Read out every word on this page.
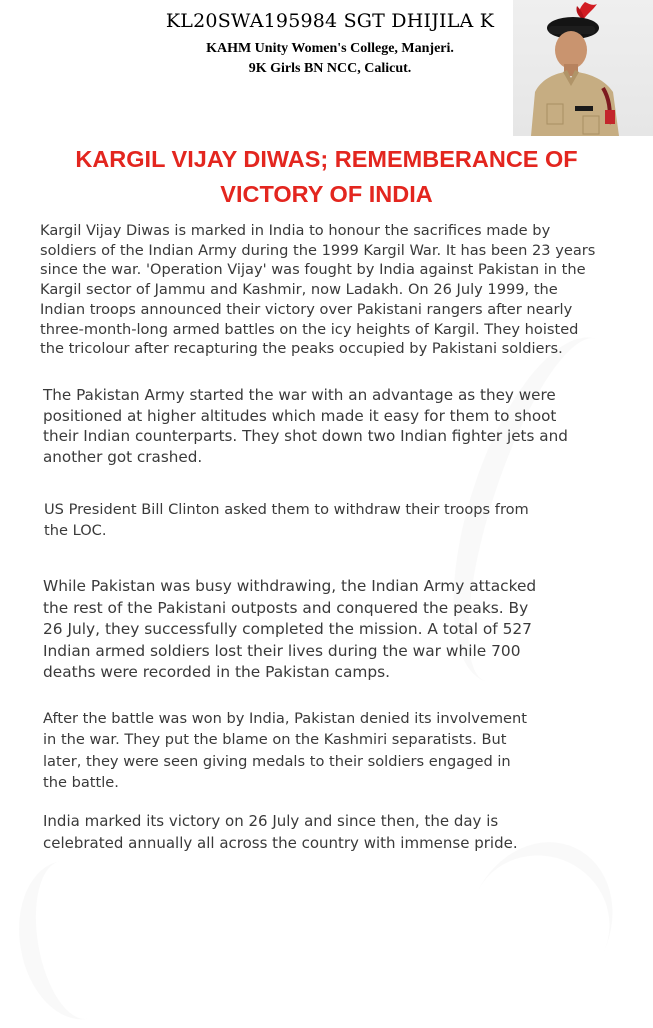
KL20SWA195984 SGT DHIJILA K
KAHM Unity Women's College, Manjeri.
9K Girls BN NCC, Calicut.
KARGIL VIJAY DIWAS; REMEMBERANCE OF
VICTORY OF INDIA
Kargil Vijay Diwas is marked in India to honour the sacrifices made by
soldiers of the Indian Army during the 1999 Kargil War. It has been 23 years
since the war. 'Operation Vijay' was fought by India against Pakistan in the
Kargil sector of Jammu and Kashmir, now Ladakh. On 26 July 1999, the
Indian troops announced their victory over Pakistani rangers after nearly
three-month-long armed battles on the icy heights of Kargil. They hoisted
the tricolour after recapturing the peaks occupied by Pakistani soldiers.
The Pakistan Army started the war with an advantage as they were
positioned at higher altitudes which made it easy for them to shoot
their Indian counterparts. They shot down two Indian fighter jets and
another got crashed.
US President Bill Clinton asked them to withdraw their troops from
the LOC.
While Pakistan was busy withdrawing, the Indian Army attacked
the rest of the Pakistani outposts and conquered the peaks. By
26 July, they successfully completed the mission. A total of 527
Indian armed soldiers lost their lives during the war while 700
deaths were recorded in the Pakistan camps.
After the battle was won by India, Pakistan denied its involvement
in the war. They put the blame on the Kashmiri separatists. But
later, they were seen giving medals to their soldiers engaged in
the battle.
India marked its victory on 26 July and since then, the day is
celebrated annually all across the country with immense pride.
